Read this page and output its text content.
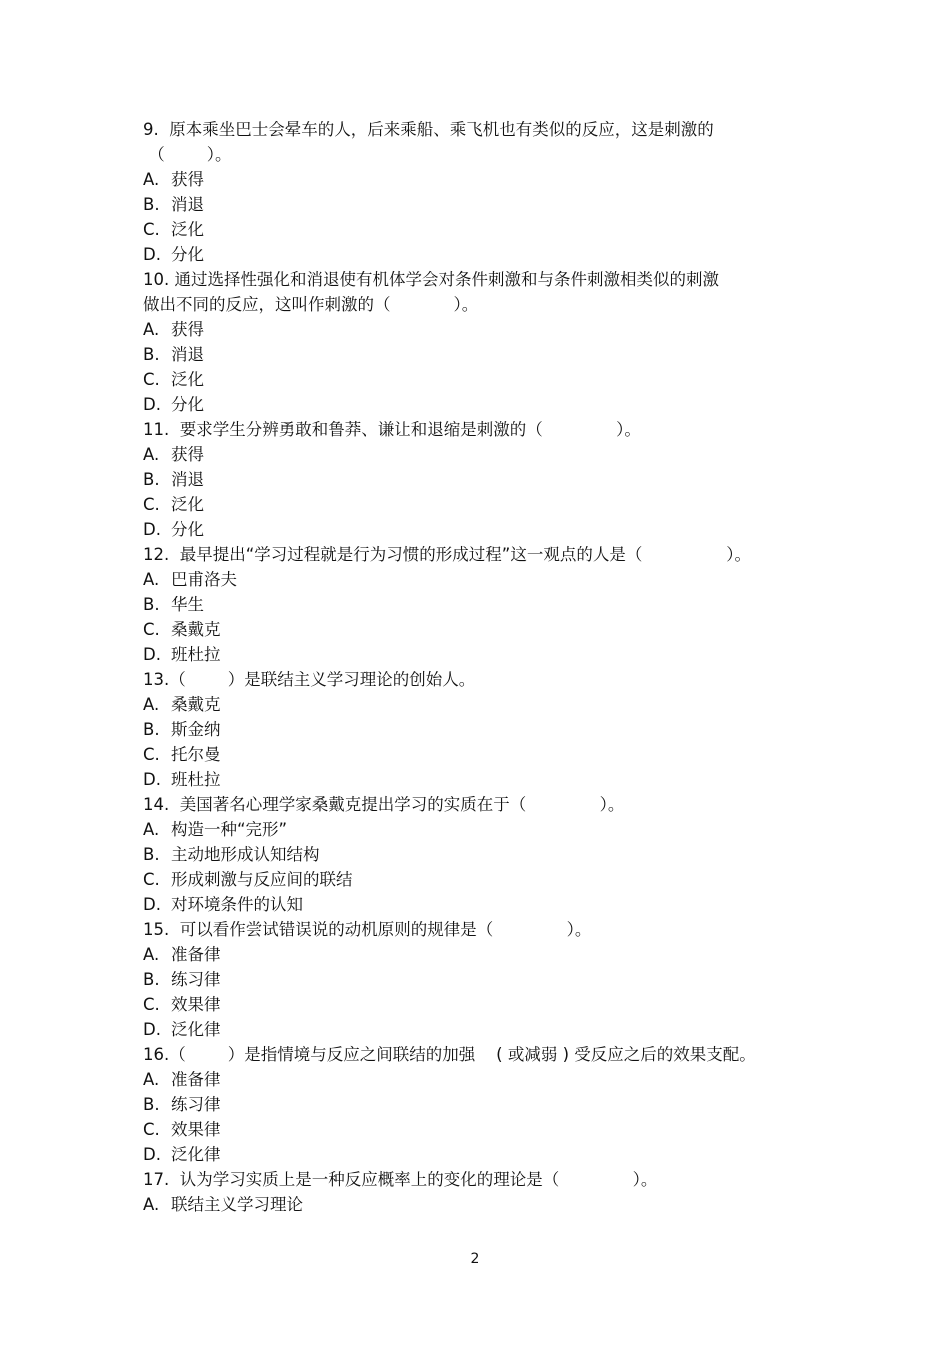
9.  原本乘坐巴士会晕车的人，后来乘船、乘飞机也有类似的反应，这是刺激的
（        ）。
A. 获得
B. 消退
C. 泛化
D. 分化
10. 通过选择性强化和消退使有机体学会对条件刺激和与条件刺激相类似的刺激
做出不同的反应，这叫作刺激的（            ）。
A. 获得
B. 消退
C. 泛化
D. 分化
11.  要求学生分辨勇敢和鲁莽、谦让和退缩是刺激的（              ）。
A. 获得
B. 消退
C. 泛化
D. 分化
12.  最早提出“学习过程就是行为习惯的形成过程”这一观点的人是（                ）。
A. 巴甫洛夫
B. 华生
C. 桑戴克
D. 班杜拉
13.（        ）是联结主义学习理论的创始人。
A. 桑戴克
B. 斯金纳
C. 托尔曼
D. 班杜拉
14.  美国著名心理学家桑戴克提出学习的实质在于（              ）。
A. 构造一种“完形”
B. 主动地形成认知结构
C. 形成刺激与反应间的联结
D. 对环境条件的认知
15.  可以看作尝试错误说的动机原则的规律是（              ）。
A. 准备律
B. 练习律
C. 效果律
D. 泛化律
16.（        ）是指情境与反应之间联结的加强    ( 或减弱 ) 受反应之后的效果支配。
A. 准备律
B. 练习律
C. 效果律
D. 泛化律
17.  认为学习实质上是一种反应概率上的变化的理论是（              ）。
A. 联结主义学习理论
2
